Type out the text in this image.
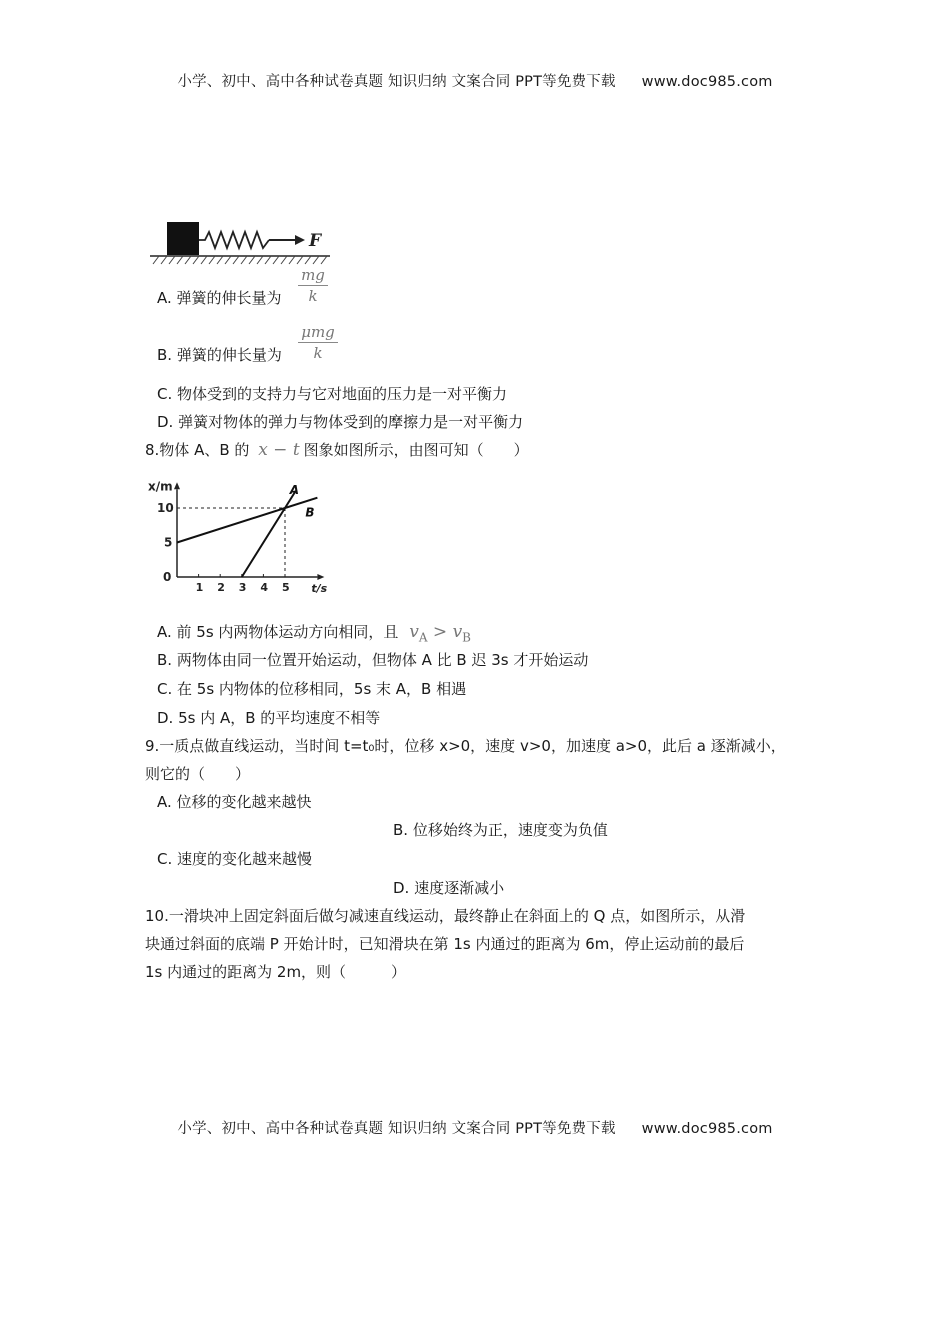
小学、初中、高中各种试卷真题 知识归纳 文案合同 PPT等免费下载 www.doc985.com
F
A. 弹簧的伸长量为
mg
k
B. 弹簧的伸长量为
μmg
k
C. 物体受到的支持力与它对地面的压力是一对平衡力
D. 弹簧对物体的弹力与物体受到的摩擦力是一对平衡力
8.物体 A、B 的 x − t 图象如图所示，由图可知（　　）
x/m
t/s
0
1 2 3 4 5
5
10
A
B
A. 前 5s 内两物体运动方向相同，且 $v_A > v_B$
B. 两物体由同一位置开始运动，但物体 A 比 B 迟 3s 才开始运动
C. 在 5s 内物体的位移相同，5s 末 A，B 相遇
D. 5s 内 A，B 的平均速度不相等
9.一质点做直线运动，当时间 t=t₀时，位移 x>0，速度 v>0，加速度 a>0，此后 a 逐渐减小，
则它的（　　）
A. 位移的变化越来越快
B. 位移始终为正，速度变为负值
C. 速度的变化越来越慢
D. 速度逐渐减小
10.一滑块冲上固定斜面后做匀减速直线运动，最终静止在斜面上的 Q 点，如图所示，从滑
块通过斜面的底端 P 开始计时，已知滑块在第 1s 内通过的距离为 6m，停止运动前的最后
1s 内通过的距离为 2m，则（　　　）
小学、初中、高中各种试卷真题 知识归纳 文案合同 PPT等免费下载 www.doc985.com
